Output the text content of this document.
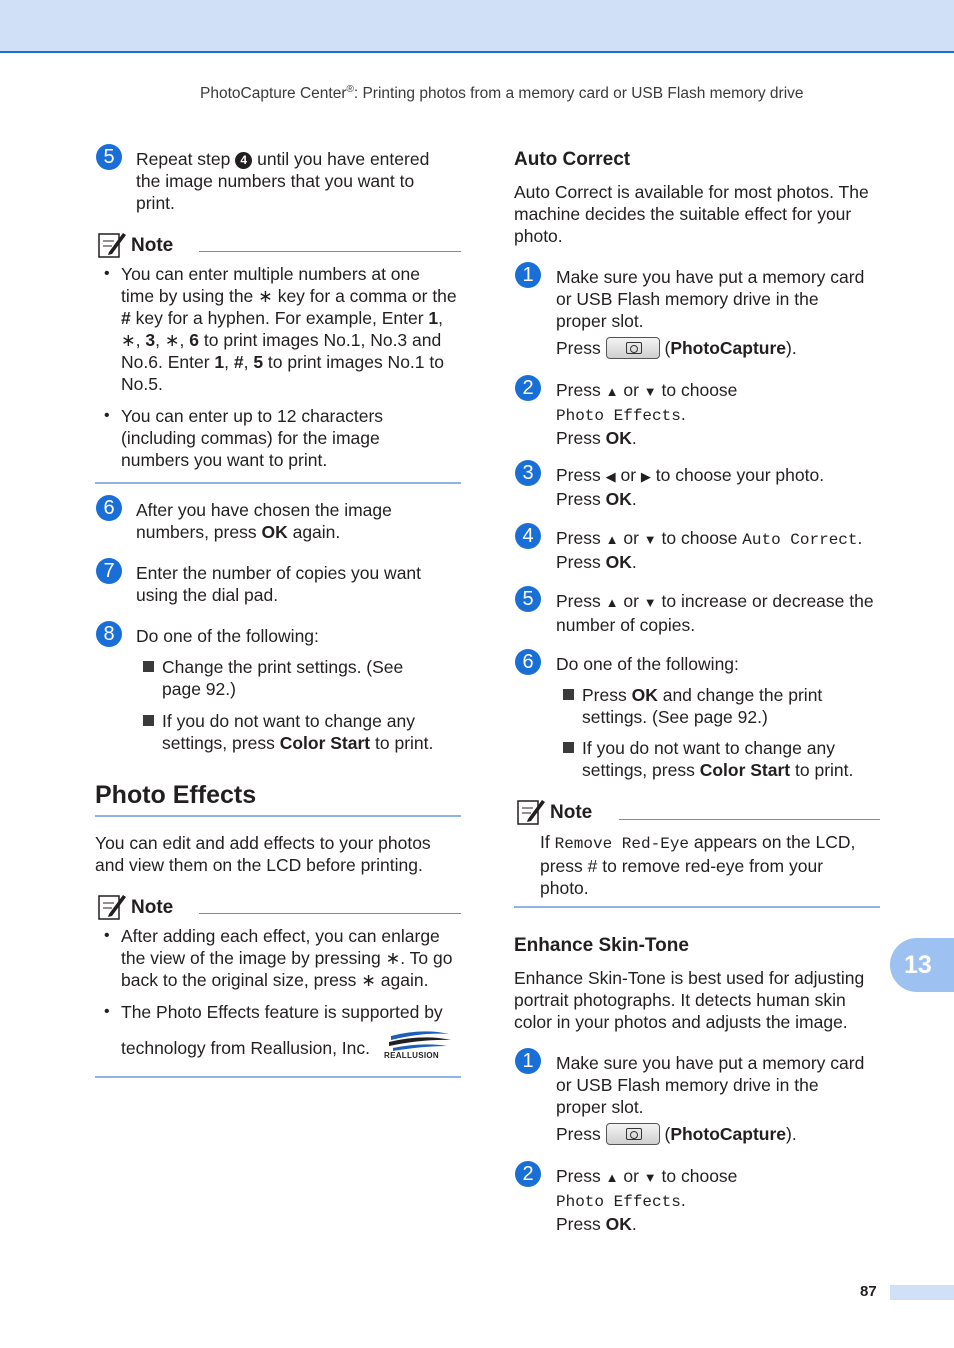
PhotoCapture Center®: Printing photos from a memory card or USB Flash memory drive
5	Repeat step 4 until you have entered
the image numbers that you want to
print.
Note
• You can enter multiple numbers at one
time by using the ∗ key for a comma or the
# key for a hyphen. For example, Enter 1,
∗, 3, ∗, 6 to print images No.1, No.3 and
No.6. Enter 1, #, 5 to print images No.1 to
No.5.
• You can enter up to 12 characters
(including commas) for the image
numbers you want to print.
6	After you have chosen the image
numbers, press OK again.
7	Enter the number of copies you want
using the dial pad.
8	Do one of the following:
Change the print settings. (See
page 92.)
If you do not want to change any
settings, press Color Start to print.
Photo Effects
You can edit and add effects to your photos
and view them on the LCD before printing.
Note
• After adding each effect, you can enlarge
the view of the image by pressing ∗. To go
back to the original size, press ∗ again.
• The Photo Effects feature is supported by
technology from Reallusion, Inc.	REALLUSION
Auto Correct
Auto Correct is available for most photos. The
machine decides the suitable effect for your
photo.
1	Make sure you have put a memory card
or USB Flash memory drive in the
proper slot.
Press	(PhotoCapture).
2	Press ▲ or ▼ to choose
Photo Effects.
Press OK.
3	Press ◀ or ▶ to choose your photo.
Press OK.
4	Press ▲ or ▼ to choose Auto Correct.
Press OK.
5	Press ▲ or ▼ to increase or decrease the
number of copies.
6	Do one of the following:
Press OK and change the print
settings. (See page 92.)
If you do not want to change any
settings, press Color Start to print.
Note
If Remove Red-Eye appears on the LCD,
press # to remove red-eye from your
photo.
Enhance Skin-Tone
Enhance Skin-Tone is best used for adjusting
portrait photographs. It detects human skin
color in your photos and adjusts the image.
1	Make sure you have put a memory card
or USB Flash memory drive in the
proper slot.
Press	(PhotoCapture).
2	Press ▲ or ▼ to choose
Photo Effects.
Press OK.
13
87
